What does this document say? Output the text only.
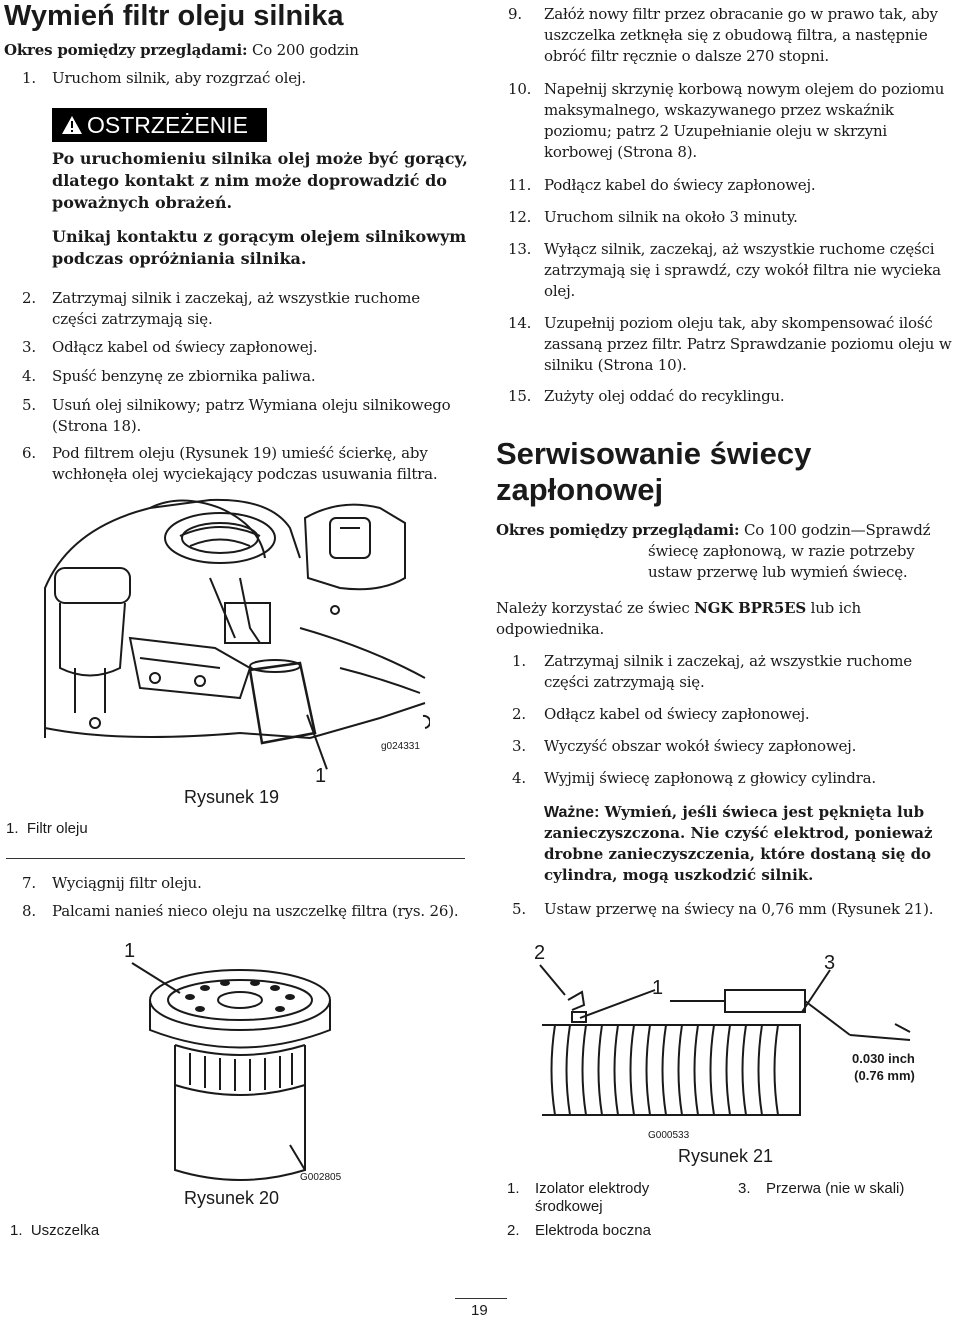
Wymień filtr oleju silnika
Okres pomiędzy przeglądami: Co 200 godzin
1. Uruchom silnik, aby rozgrzać olej.
OSTRZEŻENIE
Po uruchomieniu silnika olej może być gorący,
dlatego kontakt z nim może doprowadzić do
poważnych obrażeń.
Unikaj kontaktu z gorącym olejem silnikowym
podczas opróżniania silnika.
2. Zatrzymaj silnik i zaczekaj, aż wszystkie ruchome
części zatrzymają się.
3. Odłącz kabel od świecy zapłonowej.
4. Spuść benzynę ze zbiornika paliwa.
5. Usuń olej silnikowy; patrz Wymiana oleju silnikowego
(Strona 18).
6. Pod filtrem oleju (Rysunek 19) umieść ścierkę, aby
wchłonęła olej wyciekający podczas usuwania filtra.
1
g024331
Rysunek 19
1.  Filtr oleju
7. Wyciągnij filtr oleju.
8. Palcami nanieś nieco oleju na uszczelkę filtra (rys. 26).
1
G002805
Rysunek 20
1.  Uszczelka
9. Załóż nowy filtr przez obracanie go w prawo tak, aby
uszczelka zetknęła się z obudową filtra, a następnie
obróć filtr ręcznie o dalsze 270 stopni.
10. Napełnij skrzynię korbową nowym olejem do poziomu
maksymalnego, wskazywanego przez wskaźnik
poziomu; patrz 2 Uzupełnianie oleju w skrzyni
korbowej (Strona 8).
11. Podłącz kabel do świecy zapłonowej.
12. Uruchom silnik na około 3 minuty.
13. Wyłącz silnik, zaczekaj, aż wszystkie ruchome części
zatrzymają się i sprawdź, czy wokół filtra nie wycieka
olej.
14. Uzupełnij poziom oleju tak, aby skompensować ilość
zassaną przez filtr. Patrz Sprawdzanie poziomu oleju w
silniku (Strona 10).
15. Zużyty olej oddać do recyklingu.
Serwisowanie świecy
zapłonowej
Okres pomiędzy przeglądami: Co 100 godzin—Sprawdź
świecę zapłonową, w razie potrzeby
ustaw przerwę lub wymień świecę.
Należy korzystać ze świec NGK BPR5ES lub ich
odpowiednika.
1. Zatrzymaj silnik i zaczekaj, aż wszystkie ruchome
części zatrzymają się.
2. Odłącz kabel od świecy zapłonowej.
3. Wyczyść obszar wokół świecy zapłonowej.
4. Wyjmij świecę zapłonową z głowicy cylindra.
Ważne: Wymień, jeśli świeca jest pęknięta lub
zanieczyszczona. Nie czyść elektrod, ponieważ
drobne zanieczyszczenia, które dostaną się do
cylindra, mogą uszkodzić silnik.
5. Ustaw przerwę na świecy na 0,76 mm (Rysunek 21).
2
1
3
0.030 inch
(0.76 mm)
G000533
Rysunek 21
1. Izolator elektrody
środkowej
2. Elektroda boczna
3. Przerwa (nie w skali)
19
